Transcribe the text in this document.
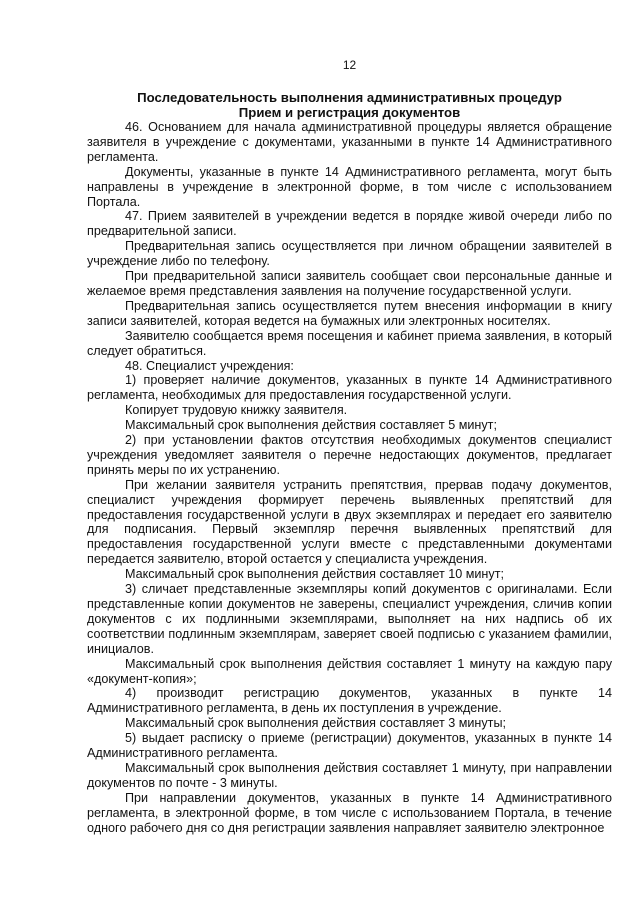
12
Последовательность выполнения административных процедур
Прием и регистрация документов

46. Основанием для начала административной процедуры является обращение заявителя в учреждение с документами, указанными в пункте 14 Административного регламента.

Документы, указанные в пункте 14 Административного регламента, могут быть направлены в учреждение в электронной форме, в том числе с использованием Портала.

47. Прием заявителей в учреждении ведется в порядке живой очереди либо по предварительной записи.

Предварительная запись осуществляется при личном обращении заявителей в учреждение либо по телефону.

При предварительной записи заявитель сообщает свои персональные данные и желаемое время представления заявления на получение государственной услуги.

Предварительная запись осуществляется путем внесения информации в книгу записи заявителей, которая ведется на бумажных или электронных носителях.

Заявителю сообщается время посещения и кабинет приема заявления, в который следует обратиться.

48. Специалист учреждения:

1) проверяет наличие документов, указанных в пункте 14 Административного регламента, необходимых для предоставления государственной услуги.

Копирует трудовую книжку заявителя.

Максимальный срок выполнения действия составляет 5 минут;

2) при установлении фактов отсутствия необходимых документов специалист учреждения уведомляет заявителя о перечне недостающих документов, предлагает принять меры по их устранению.

При желании заявителя устранить препятствия, прервав подачу документов, специалист учреждения формирует перечень выявленных препятствий для предоставления государственной услуги в двух экземплярах и передает его заявителю для подписания. Первый экземпляр перечня выявленных препятствий для предоставления государственной услуги вместе с представленными документами передается заявителю, второй остается у специалиста учреждения.

Максимальный срок выполнения действия составляет 10 минут;

3) сличает представленные экземпляры копий документов с оригиналами. Если представленные копии документов не заверены, специалист учреждения, сличив копии документов с их подлинными экземплярами, выполняет на них надпись об их соответствии подлинным экземплярам, заверяет своей подписью с указанием фамилии, инициалов.

Максимальный срок выполнения действия составляет 1 минуту на каждую пару «документ-копия»;

4) производит регистрацию документов, указанных в пункте 14 Административного регламента, в день их поступления в учреждение.

Максимальный срок выполнения действия составляет 3 минуты;

5) выдает расписку о приеме (регистрации) документов, указанных в пункте 14 Административного регламента.

Максимальный срок выполнения действия составляет 1 минуту, при направлении документов по почте - 3 минуты.

При направлении документов, указанных в пункте 14 Административного регламента, в электронной форме, в том числе с использованием Портала, в течение одного рабочего дня со дня регистрации заявления направляет заявителю электронное
